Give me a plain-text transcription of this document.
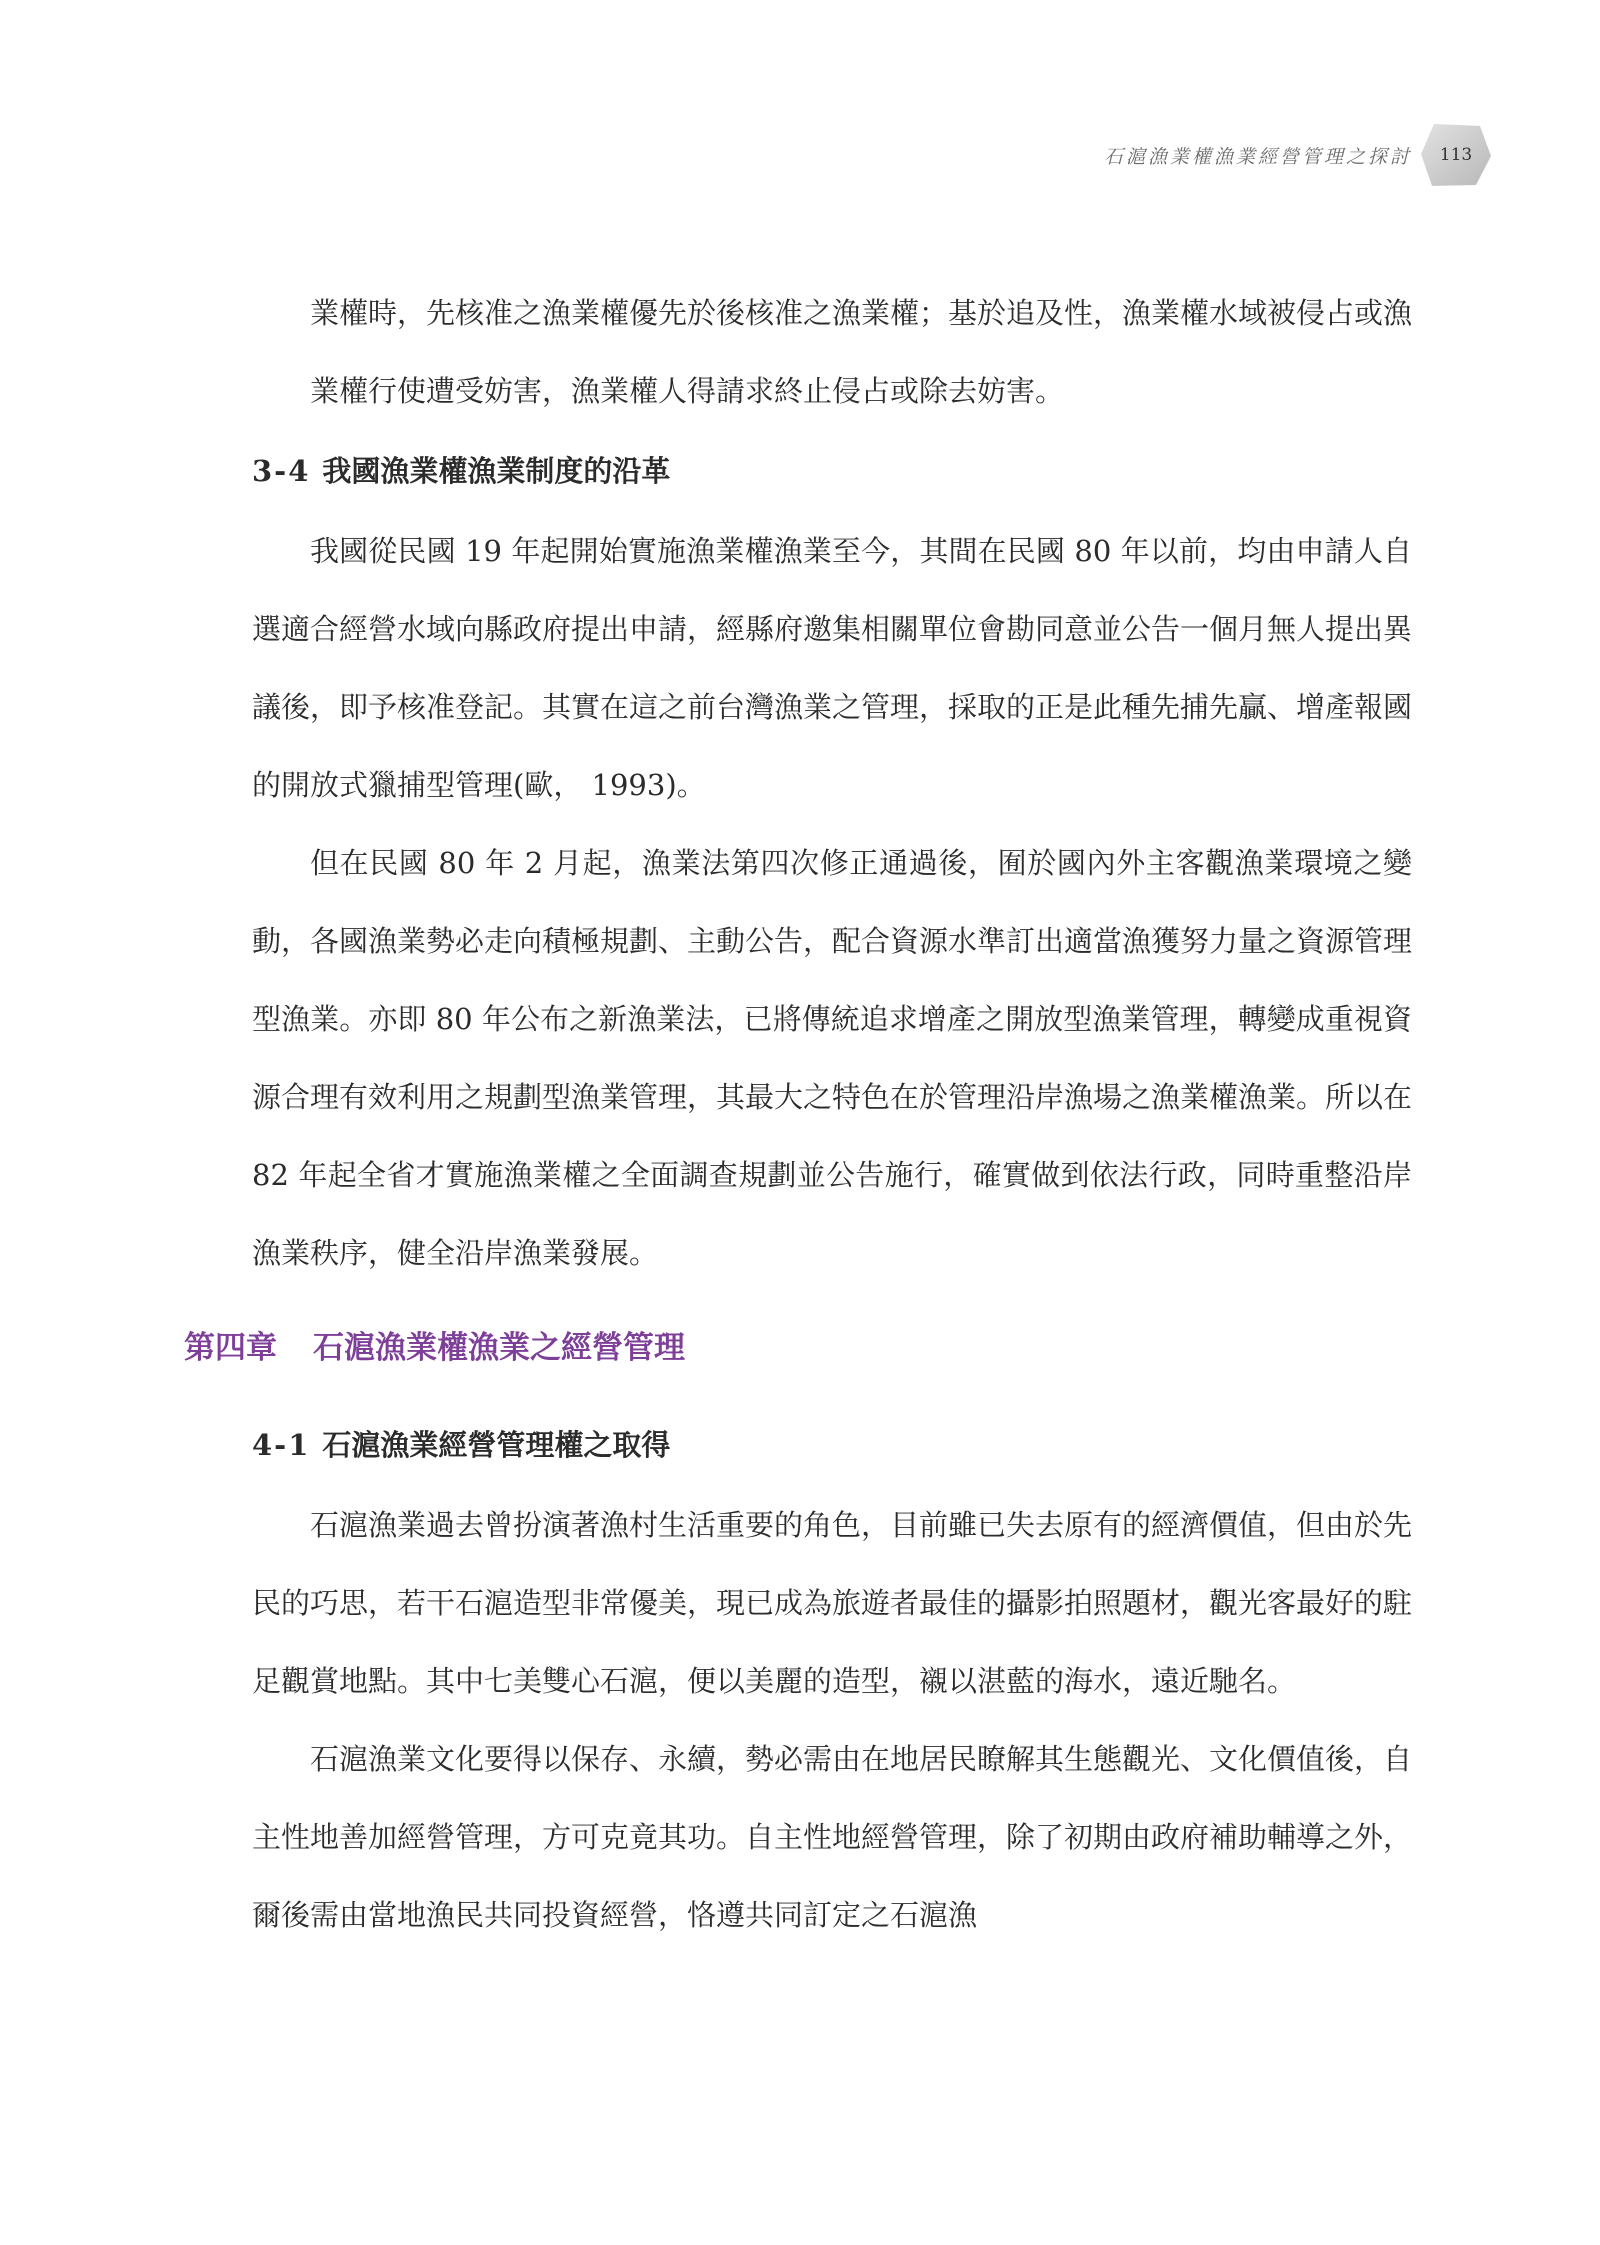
石滬漁業權漁業經營管理之探討	113

業權時，先核准之漁業權優先於後核准之漁業權；基於追及性，漁業權水域被侵占或漁業權行使遭受妨害，漁業權人得請求終止侵占或除去妨害。

3-4 我國漁業權漁業制度的沿革

我國從民國 19 年起開始實施漁業權漁業至今，其間在民國 80 年以前，均由申請人自選適合經營水域向縣政府提出申請，經縣府邀集相關單位會勘同意並公告一個月無人提出異議後，即予核准登記。其實在這之前台灣漁業之管理，採取的正是此種先捕先贏、增產報國的開放式獵捕型管理(歐， 1993)。

但在民國 80 年 2 月起，漁業法第四次修正通過後，囿於國內外主客觀漁業環境之變動，各國漁業勢必走向積極規劃、主動公告，配合資源水準訂出適當漁獲努力量之資源管理型漁業。亦即 80 年公布之新漁業法，已將傳統追求增產之開放型漁業管理，轉變成重視資源合理有效利用之規劃型漁業管理，其最大之特色在於管理沿岸漁場之漁業權漁業。所以在 82 年起全省才實施漁業權之全面調查規劃並公告施行，確實做到依法行政，同時重整沿岸漁業秩序，健全沿岸漁業發展。

第四章 石滬漁業權漁業之經營管理
4-1 石滬漁業經營管理權之取得

石滬漁業過去曾扮演著漁村生活重要的角色，目前雖已失去原有的經濟價值，但由於先民的巧思，若干石滬造型非常優美，現已成為旅遊者最佳的攝影拍照題材，觀光客最好的駐足觀賞地點。其中七美雙心石滬，便以美麗的造型，襯以湛藍的海水，遠近馳名。

石滬漁業文化要得以保存、永續，勢必需由在地居民瞭解其生態觀光、文化價值後，自主性地善加經營管理，方可克竟其功。自主性地經營管理，除了初期由政府補助輔導之外，爾後需由當地漁民共同投資經營，恪遵共同訂定之石滬漁
